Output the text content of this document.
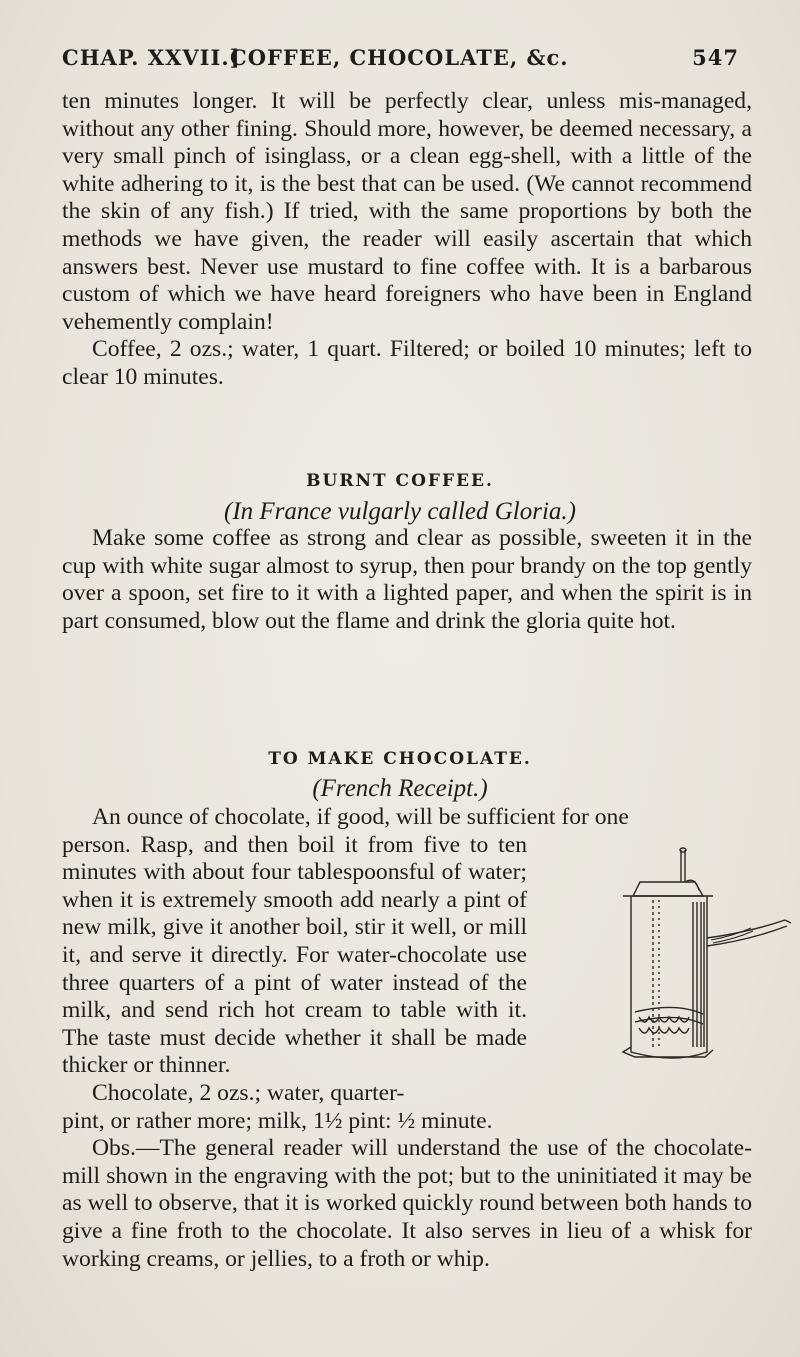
CHAP. XXVII.]
COFFEE, CHOCOLATE, &c.	547
ten minutes longer. It will be perfectly clear, unless mis-managed, without any other fining. Should more, however, be deemed necessary, a very small pinch of isinglass, or a clean egg-shell, with a little of the white adhering to it, is the best that can be used. (We cannot recommend the skin of any fish.) If tried, with the same proportions by both the methods we have given, the reader will easily ascertain that which answers best. Never use mustard to fine coffee with. It is a barbarous custom of which we have heard foreigners who have been in England vehemently complain!
Coffee, 2 ozs.; water, 1 quart. Filtered; or boiled 10 minutes; left to clear 10 minutes.
BURNT COFFEE.
(In France vulgarly called Gloria.)
Make some coffee as strong and clear as possible, sweeten it in the cup with white sugar almost to syrup, then pour brandy on the top gently over a spoon, set fire to it with a lighted paper, and when the spirit is in part consumed, blow out the flame and drink the gloria quite hot.
TO MAKE CHOCOLATE.
(French Receipt.)
An ounce of chocolate, if good, will be sufficient for one
person. Rasp, and then boil it from five to ten minutes with about four tablespoonsful of water; when it is extremely smooth add nearly a pint of new milk, give it another boil, stir it well, or mill it, and serve it directly. For water-chocolate use three quarters of a pint of water instead of the milk, and send rich hot cream to table with it. The taste must decide whether it shall be made thicker or thinner.
Chocolate, 2 ozs.; water, quarter-
pint, or rather more; milk, 1½ pint: ½ minute.
Obs.—The general reader will understand the use of the chocolate-mill shown in the engraving with the pot; but to the uninitiated it may be as well to observe, that it is worked quickly round between both hands to give a fine froth to the chocolate. It also serves in lieu of a whisk for working creams, or jellies, to a froth or whip.
